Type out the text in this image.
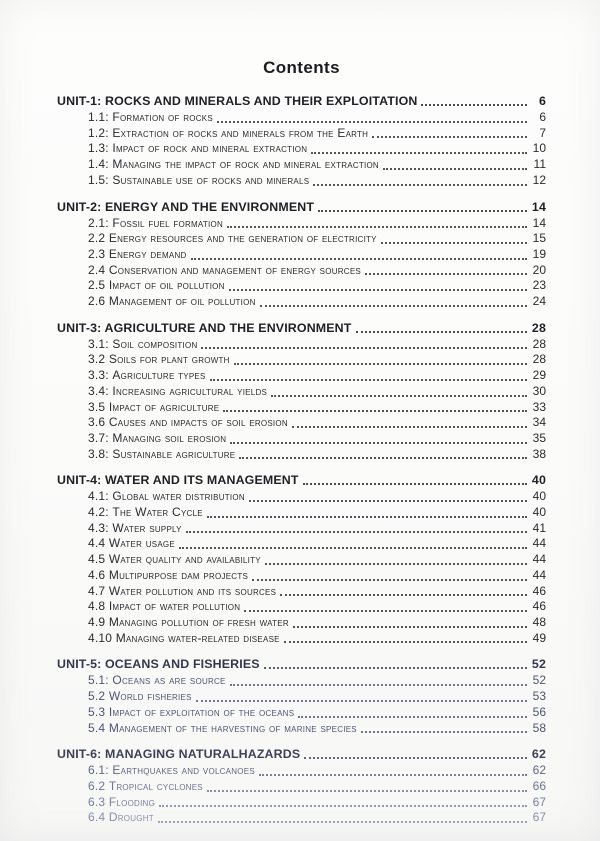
Contents
UNIT-1: ROCKS AND MINERALS AND THEIR EXPLOITATION	6
1.1: Formation of rocks	6
1.2: Extraction of rocks and minerals from the Earth	7
1.3: Impact of rock and mineral extraction	10
1.4: Managing the impact of rock and mineral extraction	11
1.5: Sustainable use of rocks and minerals	12
UNIT-2: ENERGY AND THE ENVIRONMENT	14
2.1: Fossil fuel formation	14
2.2 Energy resources and the generation of electricity	15
2.3 Energy demand	19
2.4 Conservation and management of energy sources	20
2.5 Impact of oil pollution	23
2.6 Management of oil pollution	24
UNIT-3: AGRICULTURE AND THE ENVIRONMENT	28
3.1: Soil composition	28
3.2 Soils for plant growth	28
3.3: Agriculture types	29
3.4: Increasing agricultural yields	30
3.5 Impact of agriculture	33
3.6 Causes and impacts of soil erosion	34
3.7: Managing soil erosion	35
3.8: Sustainable agriculture	38
UNIT-4: WATER AND ITS MANAGEMENT	40
4.1: Global water distribution	40
4.2: The Water Cycle	40
4.3: Water supply	41
4.4 Water usage	44
4.5 Water quality and availability	44
4.6 Multipurpose dam projects	44
4.7 Water pollution and its sources	46
4.8 Impact of water pollution	46
4.9 Managing pollution of fresh water	48
4.10 Managing water-related disease	49
UNIT-5: OCEANS AND FISHERIES	52
5.1: Oceans as are source	52
5.2 World fisheries	53
5.3 Impact of exploitation of the oceans	56
5.4 Management of the harvesting of marine species	58
UNIT-6: MANAGING NATURALHAZARDS	62
6.1: Earthquakes and volcanoes	62
6.2 Tropical cyclones	66
6.3 Flooding	67
6.4 Drought	67
